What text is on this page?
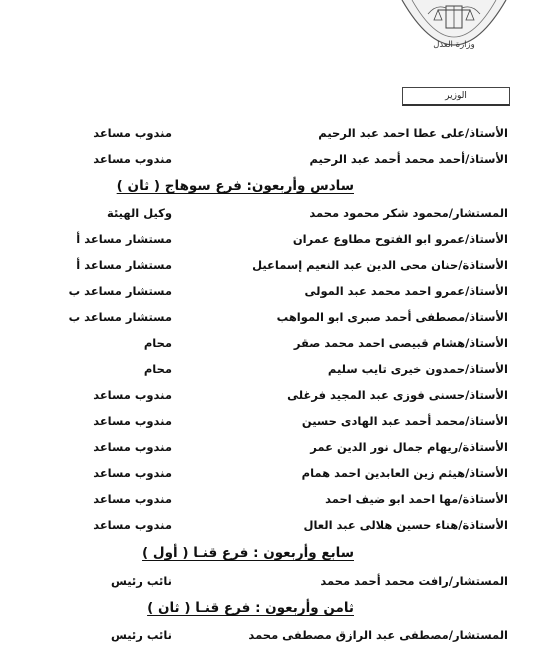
وزارة العدل
الوزير
الأستاذ/على عطا احمد عبد الرحيم
مندوب مساعد
الأستاذ/أحمد محمد أحمد عبد الرحيم
مندوب مساعد
سادس وأربعون: فرع سوهاج ( ثان )
المستشار/محمود شكر محمود محمد
وكيل الهيئة
الأستاذ/عمرو ابو الفتوح مطاوع عمران
مستشار مساعد أ
الأستاذة/حنان محى الدين عبد النعيم إسماعيل
مستشار مساعد أ
الأستاذ/عمرو احمد محمد عبد المولى
مستشار مساعد ب
الأستاذ/مصطفى أحمد صبرى ابو المواهب
مستشار مساعد ب
الأستاذ/هشام قبيصى احمد محمد صقر
محام
الأستاذ/حمدون خيرى تايب سليم
محام
الأستاذ/حسنى فوزى عبد المجيد فرغلى
مندوب مساعد
الأستاذ/محمد أحمد عبد الهادى حسين
مندوب مساعد
الأستاذة/ريهام جمال نور الدين عمر
مندوب مساعد
الأستاذ/هيثم زين العابدين احمد همام
مندوب مساعد
الأستاذة/مها احمد ابو ضيف احمد
مندوب مساعد
الأستاذة/هناء حسين هلالى عبد العال
مندوب مساعد
سابع وأربعون : فرع قنـا ( أول )
المستشار/رافت محمد أحمد محمد
نائب رئيس
ثامن وأربعون : فرع قنـا ( ثان )
المستشار/مصطفى عبد الرازق مصطفى محمد
نائب رئيس
